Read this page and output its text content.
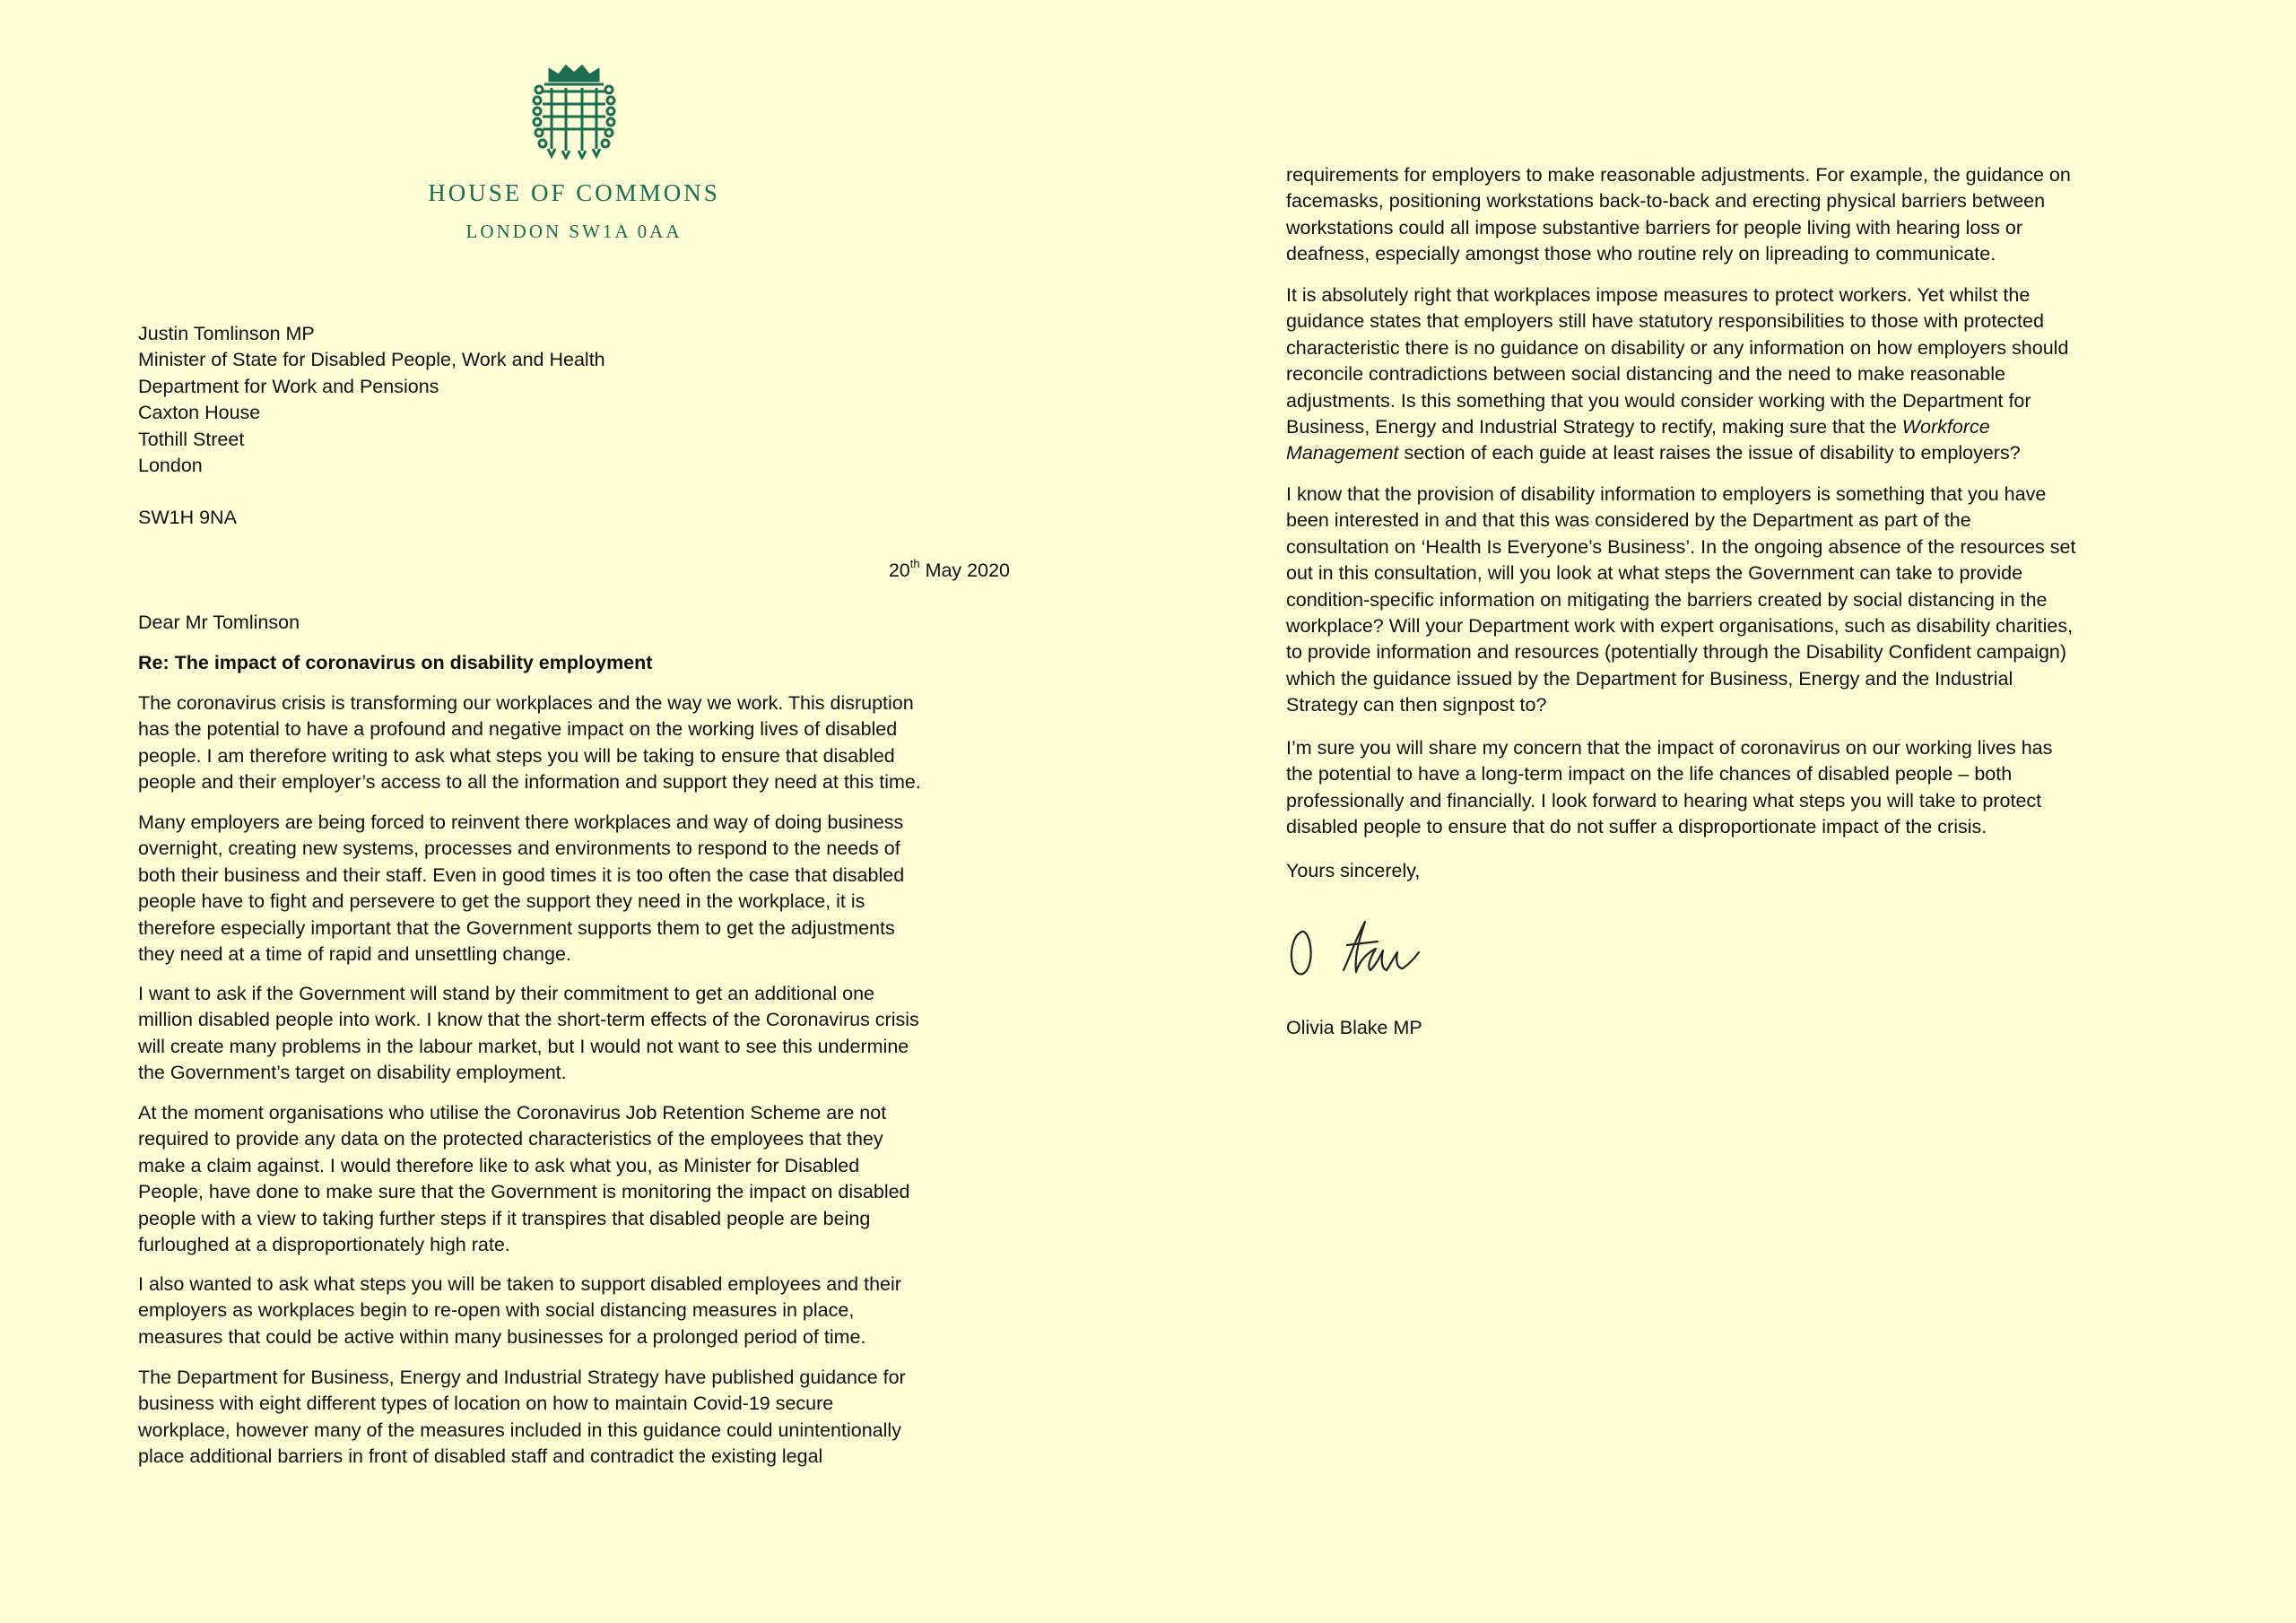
HOUSE OF COMMONS
LONDON SW1A 0AA
Justin Tomlinson MP
Minister of State for Disabled People, Work and Health
Department for Work and Pensions
Caxton House
Tothill Street
London
SW1H 9NA
20th May 2020
Dear Mr Tomlinson
Re: The impact of coronavirus on disability employment
The coronavirus crisis is transforming our workplaces and the way we work. This disruption
has the potential to have a profound and negative impact on the working lives of disabled
people. I am therefore writing to ask what steps you will be taking to ensure that disabled
people and their employer’s access to all the information and support they need at this time.
Many employers are being forced to reinvent there workplaces and way of doing business
overnight, creating new systems, processes and environments to respond to the needs of
both their business and their staff. Even in good times it is too often the case that disabled
people have to fight and persevere to get the support they need in the workplace, it is
therefore especially important that the Government supports them to get the adjustments
they need at a time of rapid and unsettling change.
I want to ask if the Government will stand by their commitment to get an additional one
million disabled people into work. I know that the short-term effects of the Coronavirus crisis
will create many problems in the labour market, but I would not want to see this undermine
the Government’s target on disability employment.
At the moment organisations who utilise the Coronavirus Job Retention Scheme are not
required to provide any data on the protected characteristics of the employees that they
make a claim against. I would therefore like to ask what you, as Minister for Disabled
People, have done to make sure that the Government is monitoring the impact on disabled
people with a view to taking further steps if it transpires that disabled people are being
furloughed at a disproportionately high rate.
I also wanted to ask what steps you will be taken to support disabled employees and their
employers as workplaces begin to re-open with social distancing measures in place,
measures that could be active within many businesses for a prolonged period of time.
The Department for Business, Energy and Industrial Strategy have published guidance for
business with eight different types of location on how to maintain Covid-19 secure
workplace, however many of the measures included in this guidance could unintentionally
place additional barriers in front of disabled staff and contradict the existing legal
requirements for employers to make reasonable adjustments. For example, the guidance on
facemasks, positioning workstations back-to-back and erecting physical barriers between
workstations could all impose substantive barriers for people living with hearing loss or
deafness, especially amongst those who routine rely on lipreading to communicate.
It is absolutely right that workplaces impose measures to protect workers. Yet whilst the
guidance states that employers still have statutory responsibilities to those with protected
characteristic there is no guidance on disability or any information on how employers should
reconcile contradictions between social distancing and the need to make reasonable
adjustments. Is this something that you would consider working with the Department for
Business, Energy and Industrial Strategy to rectify, making sure that the Workforce
Management section of each guide at least raises the issue of disability to employers?
I know that the provision of disability information to employers is something that you have
been interested in and that this was considered by the Department as part of the
consultation on ‘Health Is Everyone’s Business’. In the ongoing absence of the resources set
out in this consultation, will you look at what steps the Government can take to provide
condition-specific information on mitigating the barriers created by social distancing in the
workplace? Will your Department work with expert organisations, such as disability charities,
to provide information and resources (potentially through the Disability Confident campaign)
which the guidance issued by the Department for Business, Energy and the Industrial
Strategy can then signpost to?
I’m sure you will share my concern that the impact of coronavirus on our working lives has
the potential to have a long-term impact on the life chances of disabled people – both
professionally and financially. I look forward to hearing what steps you will take to protect
disabled people to ensure that do not suffer a disproportionate impact of the crisis.
Yours sincerely,
Olivia Blake MP
